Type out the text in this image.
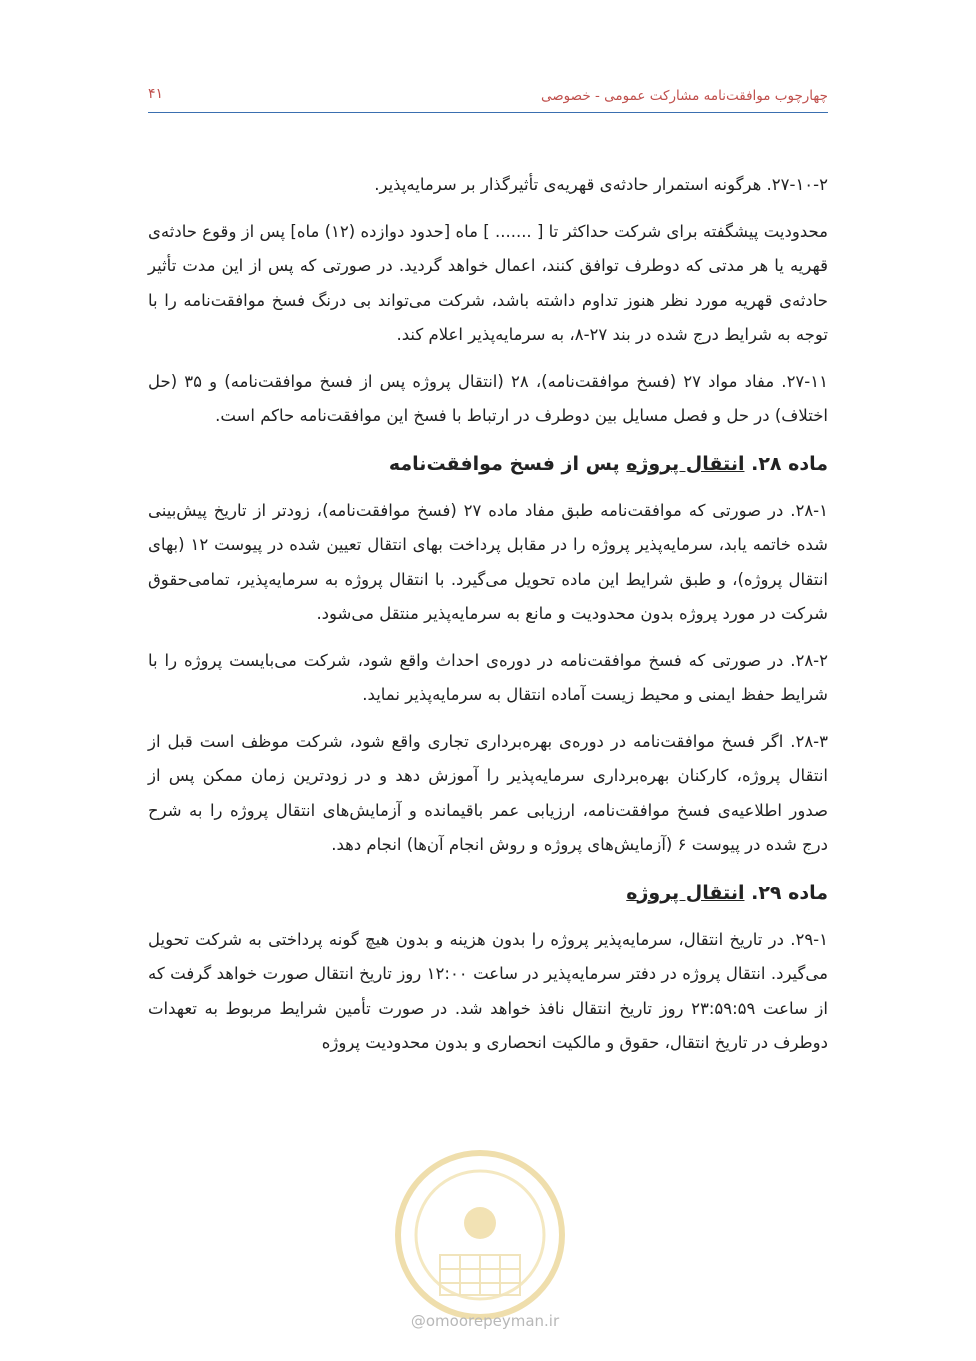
چهارچوب موافقت‌نامه مشارکت عمومی - خصوصی
۴۱

۲۷-۱۰-۲. هرگونه استمرار حادثه‌ی قهریه‌ی تأثیرگذار بر سرمایه‌پذیر.

محدودیت پیشگفته برای شرکت حداکثر تا [ ....... ] ماه [حدود دوازده (۱۲) ماه] پس از وقوع حادثه‌ی قهریه یا هر مدتی که دوطرف توافق کنند، اعمال خواهد گردید. در صورتی که پس از این مدت تأثیر حادثه‌ی قهریه مورد نظر هنوز تداوم داشته باشد، شرکت می‌تواند بی درنگ فسخ موافقت‌نامه را با توجه به شرایط درج شده در بند ۲۷-۸، به سرمایه‌پذیر اعلام کند.

۲۷-۱۱. مفاد مواد ۲۷ (فسخ موافقت‌نامه)، ۲۸ (انتقال پروژه پس از فسخ موافقت‌نامه) و ۳۵ (حل اختلاف) در حل و فصل مسایل بین دوطرف در ارتباط با فسخ این موافقت‌نامه حاکم است.

ماده ۲۸. انتقال پروژه پس از فسخ موافقت‌نامه

۲۸-۱. در صورتی که موافقت‌نامه طبق مفاد ماده ۲۷ (فسخ موافقت‌نامه)، زودتر از تاریخ پیش‌بینی شده خاتمه یابد، سرمایه‌پذیر پروژه را در مقابل پرداخت بهای انتقال تعیین شده در پیوست ۱۲ (بهای انتقال پروژه)، و طبق شرایط این ماده تحویل می‌گیرد. با انتقال پروژه به سرمایه‌پذیر، تمامی‌حقوق شرکت در مورد پروژه بدون محدودیت و مانع به سرمایه‌پذیر منتقل می‌شود.

۲۸-۲. در صورتی که فسخ موافقت‌نامه در دوره‌ی احداث واقع شود، شرکت می‌بایست پروژه را با شرایط حفظ ایمنی و محیط زیست آماده انتقال به سرمایه‌پذیر نماید.

۲۸-۳. اگر فسخ موافقت‌نامه در دوره‌ی بهره‌برداری تجاری واقع شود، شرکت موظف است قبل از انتقال پروژه، کارکنان بهره‌برداری سرمایه‌پذیر را آموزش دهد و در زودترین زمان ممکن پس از صدور اطلاعیه‌ی فسخ موافقت‌نامه، ارزیابی عمر باقیمانده و آزمایش‌های انتقال پروژه را به شرح درج شده در پیوست ۶ (آزمایش‌های پروژه و روش انجام آن‌ها) انجام دهد.

ماده ۲۹. انتقال پروژه

۲۹-۱. در تاریخ انتقال، سرمایه‌پذیر پروژه را بدون هزینه و بدون هیچ گونه پرداختی به شرکت تحویل می‌گیرد. انتقال پروژه در دفتر سرمایه‌پذیر در ساعت ۱۲:۰۰ روز تاریخ انتقال صورت خواهد گرفت که از ساعت ۲۳:۵۹:۵۹ روز تاریخ انتقال نافذ خواهد شد. در صورت تأمین شرایط مربوط به تعهدات دوطرف در تاریخ انتقال، حقوق و مالکیت انحصاری و بدون محدودیت پروژه

@omoorepeyman.ir
